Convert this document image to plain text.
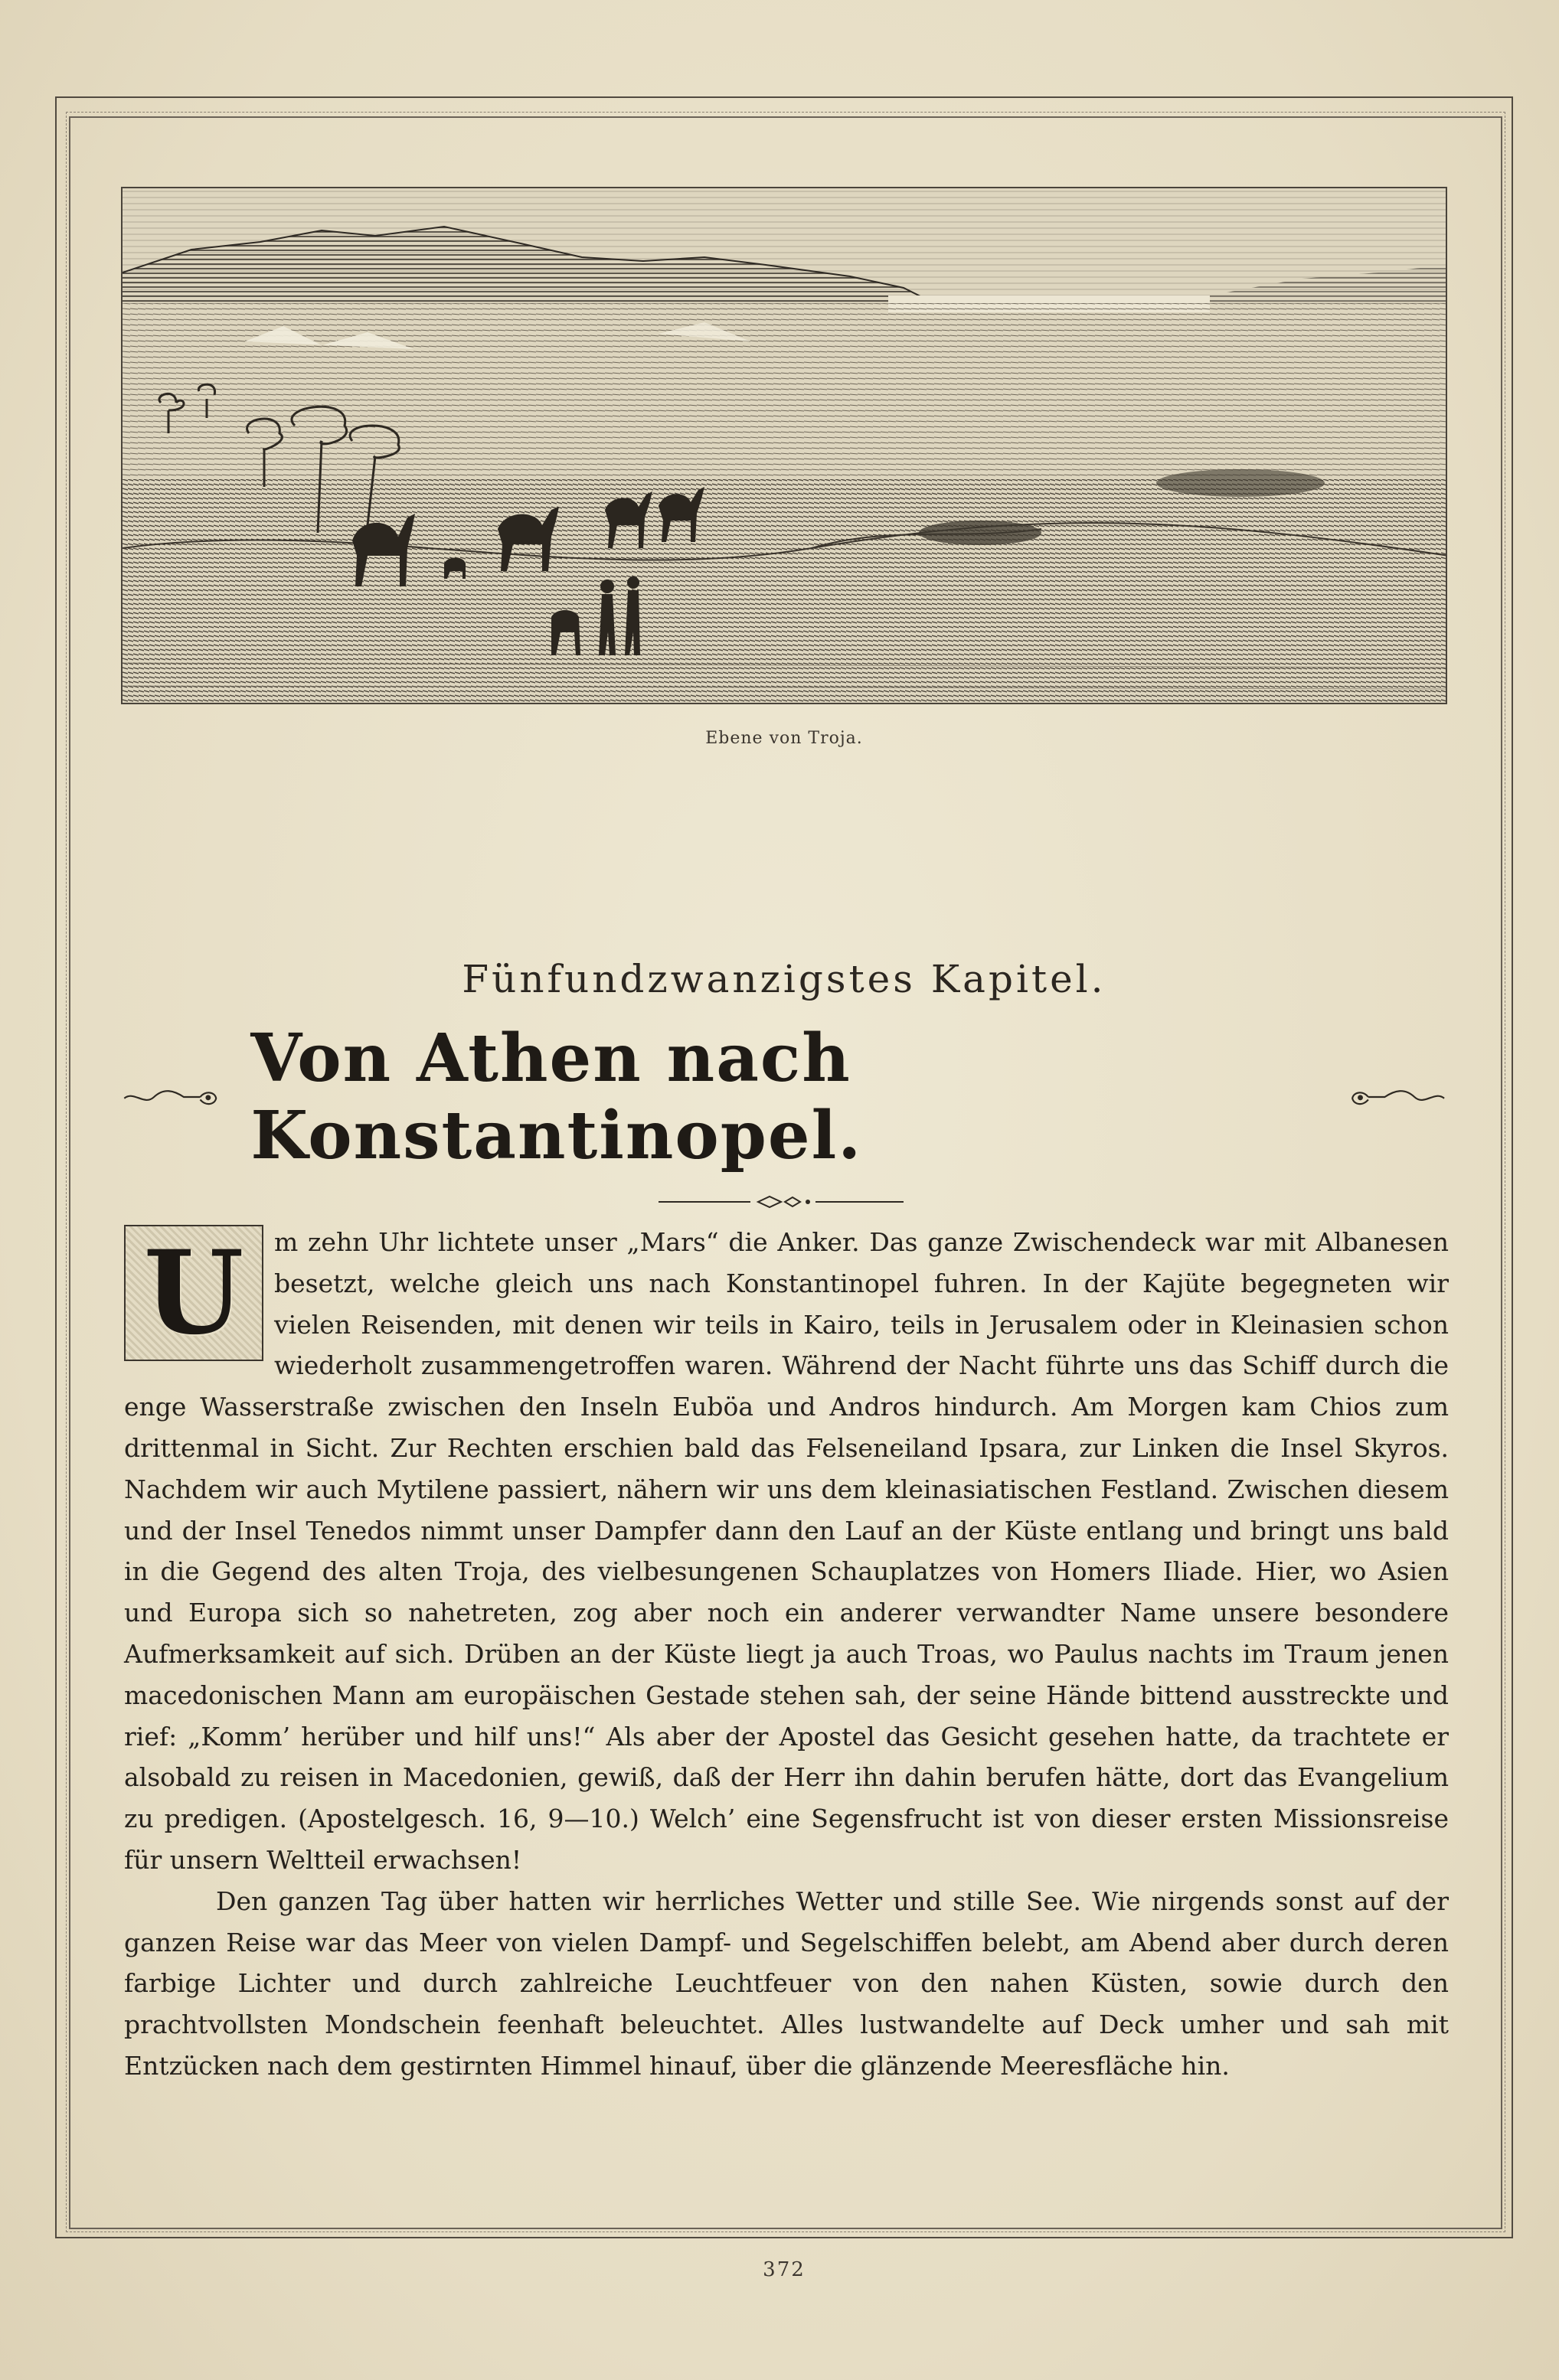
Ebene von Troja.
Fünfundzwanzigstes Kapitel.
Von Athen nach Konstantinopel.
U	m zehn Uhr lichtete unser „Mars“ die Anker. Das ganze Zwischendeck war mit Albanesen besetzt, welche gleich uns nach Konstantinopel fuhren. In der Kajüte begegneten wir vielen Reisenden, mit denen wir teils in Kairo, teils in Jerusalem oder in Kleinasien schon wiederholt zusammengetroffen waren. Während der Nacht führte uns das Schiff durch die enge Wasserstraße zwischen den Inseln Euböa und Andros hindurch. Am Morgen kam Chios zum drittenmal in Sicht. Zur Rechten erschien bald das Felseneiland Ipsara, zur Linken die Insel Skyros. Nachdem wir auch Mytilene passiert, nähern wir uns dem kleinasiatischen Festland. Zwischen diesem und der Insel Tenedos nimmt unser Dampfer dann den Lauf an der Küste entlang und bringt uns bald in die Gegend des alten Troja, des vielbesungenen Schauplatzes von Homers Iliade. Hier, wo Asien und Europa sich so nahetreten, zog aber noch ein anderer verwandter Name unsere besondere Aufmerksamkeit auf sich. Drüben an der Küste liegt ja auch Troas, wo Paulus nachts im Traum jenen macedonischen Mann am europäischen Gestade stehen sah, der seine Hände bittend ausstreckte und rief: „Komm’ herüber und hilf uns!“ Als aber der Apostel das Gesicht gesehen hatte, da trachtete er alsobald zu reisen in Macedonien, gewiß, daß der Herr ihn dahin berufen hätte, dort das Evangelium zu predigen. (Apostelgesch. 16, 9—10.) Welch’ eine Segensfrucht ist von dieser ersten Missionsreise für unsern Weltteil erwachsen!

Den ganzen Tag über hatten wir herrliches Wetter und stille See. Wie nirgends sonst auf der ganzen Reise war das Meer von vielen Dampf- und Segelschiffen belebt, am Abend aber durch deren farbige Lichter und durch zahlreiche Leuchtfeuer von den nahen Küsten, sowie durch den prachtvollsten Mondschein feenhaft beleuchtet. Alles lustwandelte auf Deck umher und sah mit Entzücken nach dem gestirnten Himmel hinauf, über die glänzende Meeresfläche hin.

372
